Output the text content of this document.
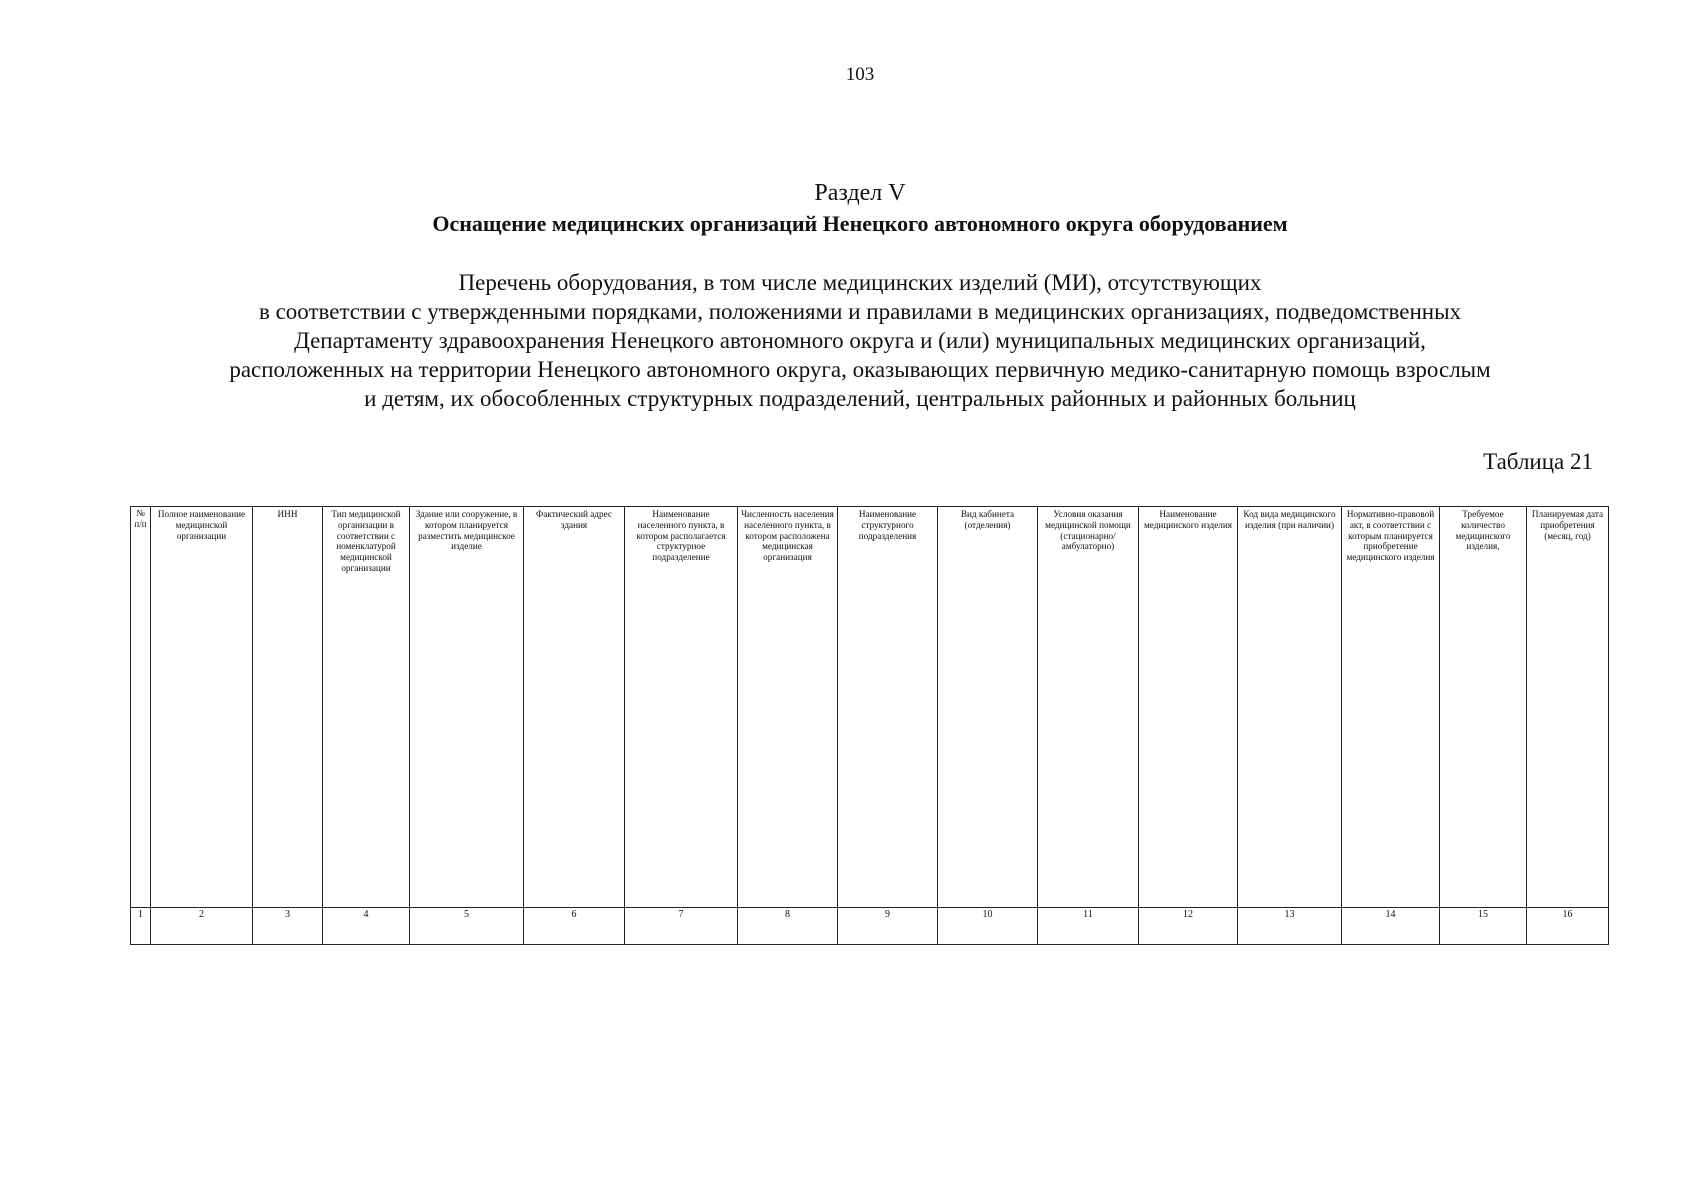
103
Раздел V
Оснащение медицинских организаций Ненецкого автономного округа оборудованием
Перечень оборудования, в том числе медицинских изделий (МИ), отсутствующих
в соответствии с утвержденными порядками, положениями и правилами в медицинских организациях, подведомственных
Департаменту здравоохранения Ненецкого автономного округа и (или) муниципальных медицинских организаций,
расположенных на территории Ненецкого автономного округа, оказывающих первичную медико-санитарную помощь взрослым
и детям, их обособленных структурных подразделений, центральных районных и районных больниц
Таблица 21
№ п/п	Полное наименование медицинской организации	ИНН	Тип медицинской организации в соответствии с номенклатурой медицинской организации	Здание или сооружение, в котором планируется разместить медицинское изделие	Фактический адрес здания	Наименование населенного пункта, в котором располагается структурное подразделение	Численность населения населенного пункта, в котором расположена медицинская организация	Наименование структурного подразделения	Вид кабинета (отделения)	Условия оказания медицинской помощи (стационарно/ амбулаторно)	Наименование медицинского изделия	Код вида медицинского изделия (при наличии)	Нормативно-правовой акт, в соответствии с которым планируется приобретение медицинского изделия	Требуемое количество медицинского изделия,	Планируемая дата приобретения (месяц, год)
1	2	3	4	5	6	7	8	9	10	11	12	13	14	15	16
